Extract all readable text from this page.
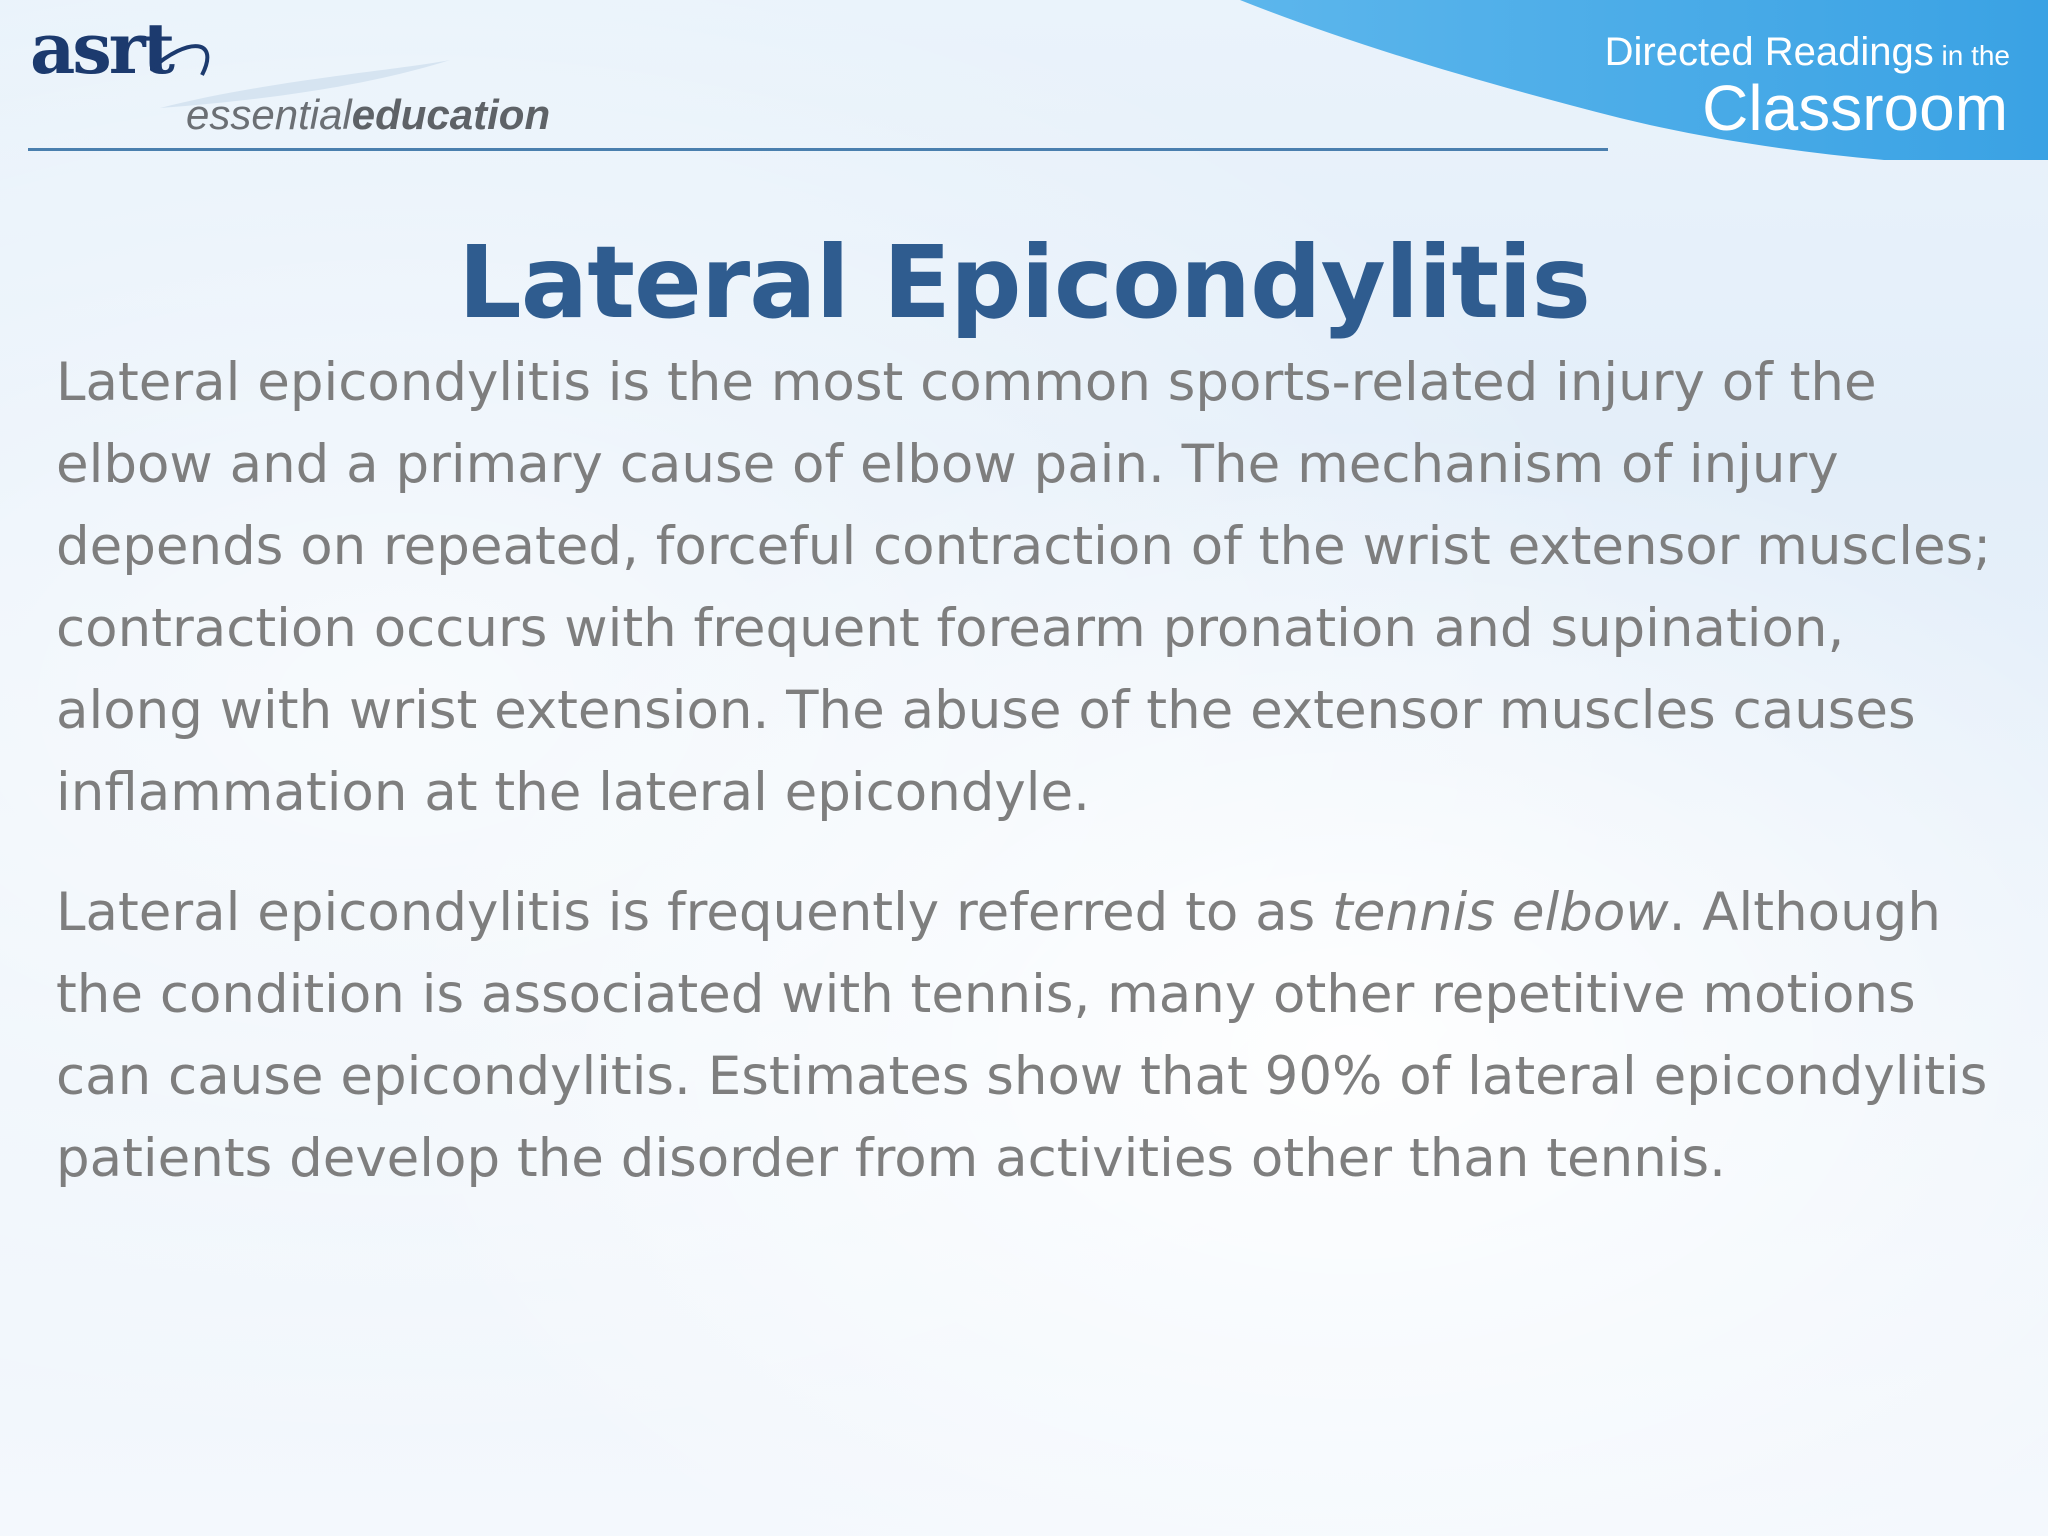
asrt
essentialeducation
Directed Readings in the
Classroom
Lateral Epicondylitis

Lateral epicondylitis is the most common sports-related injury of the elbow and a primary cause of elbow pain. The mechanism of injury depends on repeated, forceful contraction of the wrist extensor muscles; contraction occurs with frequent forearm pronation and supination, along with wrist extension. The abuse of the extensor muscles causes inflammation at the lateral epicondyle.

Lateral epicondylitis is frequently referred to as tennis elbow. Although the condition is associated with tennis, many other repetitive motions can cause epicondylitis. Estimates show that 90% of lateral epicondylitis patients develop the disorder from activities other than tennis.
